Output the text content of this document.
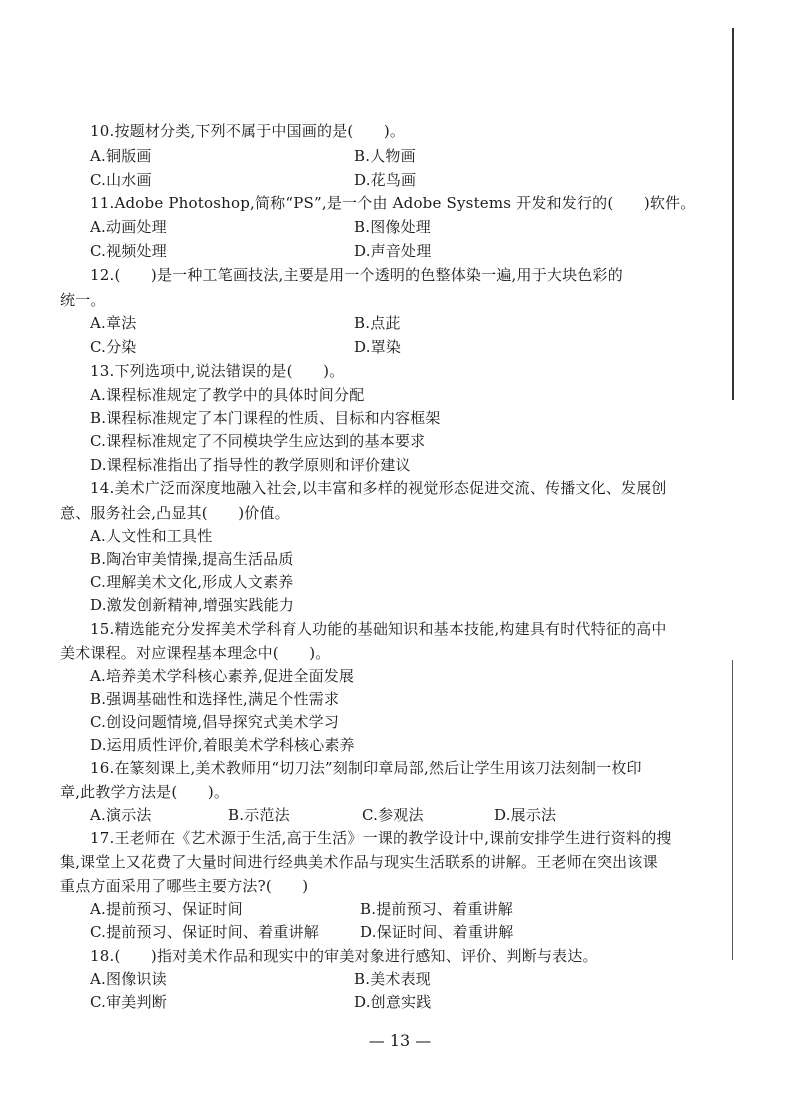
10.按题材分类,下列不属于中国画的是(　　)。
A.铜版画	B.人物画
C.山水画	D.花鸟画
11.Adobe Photoshop,简称“PS”,是一个由 Adobe Systems 开发和发行的(　　)软件。
A.动画处理	B.图像处理
C.视频处理	D.声音处理
12.(　　)是一种工笔画技法,主要是用一个透明的色整体染一遍,用于大块色彩的
统一。
A.章法	B.点茈
C.分染	D.罩染
13.下列选项中,说法错误的是(　　)。
A.课程标准规定了教学中的具体时间分配
B.课程标准规定了本门课程的性质、目标和内容框架
C.课程标准规定了不同模块学生应达到的基本要求
D.课程标准指出了指导性的教学原则和评价建议
14.美术广泛而深度地融入社会,以丰富和多样的视觉形态促进交流、传播文化、发展创
意、服务社会,凸显其(　　)价值。
A.人文性和工具性
B.陶冶审美情操,提高生活品质
C.理解美术文化,形成人文素养
D.激发创新精神,增强实践能力
15.精选能充分发挥美术学科育人功能的基础知识和基本技能,构建具有时代特征的高中
美术课程。对应课程基本理念中(　　)。
A.培养美术学科核心素养,促进全面发展
B.强调基础性和选择性,满足个性需求
C.创设问题情境,倡导探究式美术学习
D.运用质性评价,着眼美术学科核心素养
16.在篆刻课上,美术教师用“切刀法”刻制印章局部,然后让学生用该刀法刻制一枚印
章,此教学方法是(　　)。
A.演示法	B.示范法	C.参观法	D.展示法
17.王老师在《艺术源于生活,高于生活》一课的教学设计中,课前安排学生进行资料的搜
集,课堂上又花费了大量时间进行经典美术作品与现实生活联系的讲解。王老师在突出该课
重点方面采用了哪些主要方法?(　　)
A.提前预习、保证时间	B.提前预习、着重讲解
C.提前预习、保证时间、着重讲解	D.保证时间、着重讲解
18.(　　)指对美术作品和现实中的审美对象进行感知、评价、判断与表达。
A.图像识读	B.美术表现
C.审美判断	D.创意实践
— 13 —
